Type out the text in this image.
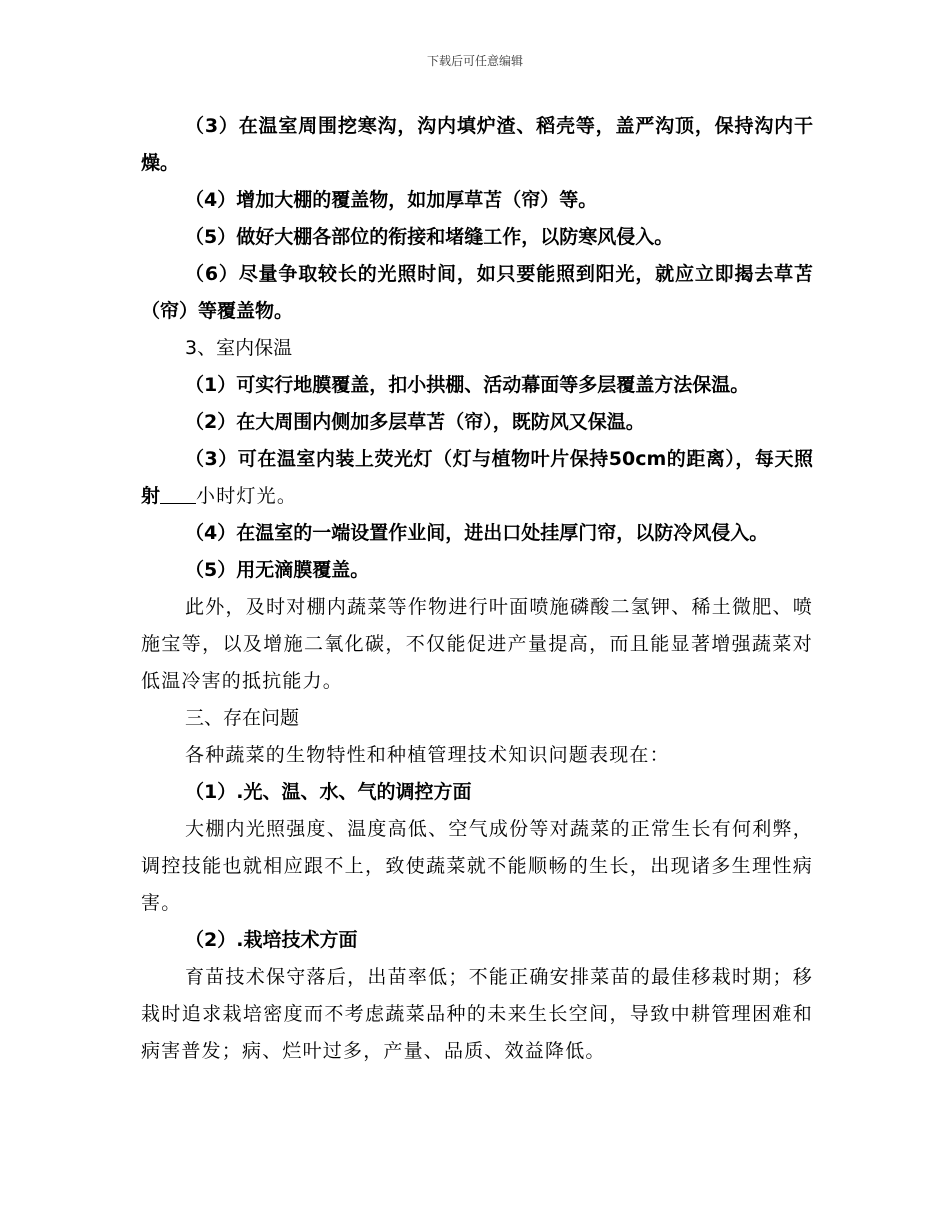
下载后可任意编辑

（3）在温室周围挖寒沟，沟内填炉渣、稻壳等，盖严沟顶，保持沟内干燥。

（4）增加大棚的覆盖物，如加厚草苫（帘）等。

（5）做好大棚各部位的衔接和堵缝工作，以防寒风侵入。

（6）尽量争取较长的光照时间，如只要能照到阳光，就应立即揭去草苫（帘）等覆盖物。

3、室内保温

（1）可实行地膜覆盖，扣小拱棚、活动幕面等多层覆盖方法保温。

（2）在大周围内侧加多层草苫（帘），既防风又保温。

（3）可在温室内装上荧光灯（灯与植物叶片保持50cm的距离），每天照射 小时灯光。

（4）在温室的一端设置作业间，进出口处挂厚门帘，以防冷风侵入。

（5）用无滴膜覆盖。

此外，及时对棚内蔬菜等作物进行叶面喷施磷酸二氢钾、稀土微肥、喷施宝等，以及增施二氧化碳，不仅能促进产量提高，而且能显著增强蔬菜对低温冷害的抵抗能力。

三、存在问题

各种蔬菜的生物特性和种植管理技术知识问题表现在：

（1）.光、温、水、气的调控方面

大棚内光照强度、温度高低、空气成份等对蔬菜的正常生长有何利弊，调控技能也就相应跟不上，致使蔬菜就不能顺畅的生长，出现诸多生理性病害。

（2）.栽培技术方面

育苗技术保守落后，出苗率低；不能正确安排菜苗的最佳移栽时期；移栽时追求栽培密度而不考虑蔬菜品种的未来生长空间，导致中耕管理困难和病害普发；病、烂叶过多，产量、品质、效益降低。
